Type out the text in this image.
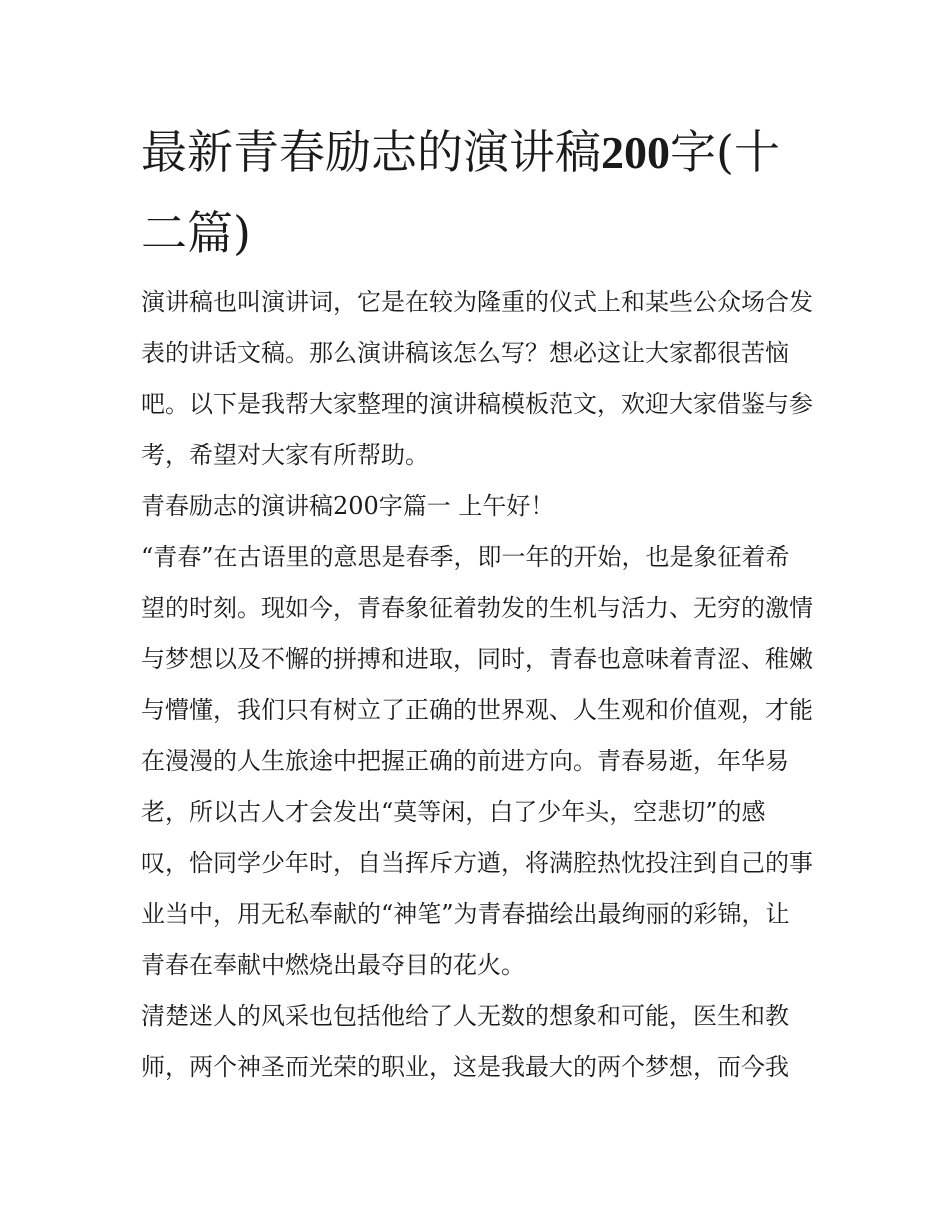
最新青春励志的演讲稿200字(十二篇)

演讲稿也叫演讲词，它是在较为隆重的仪式上和某些公众场合发表的讲话文稿。那么演讲稿该怎么写？想必这让大家都很苦恼吧。以下是我帮大家整理的演讲稿模板范文，欢迎大家借鉴与参考，希望对大家有所帮助。

青春励志的演讲稿200字篇一 上午好！

“青春”在古语里的意思是春季，即一年的开始，也是象征着希望的时刻。现如今，青春象征着勃发的生机与活力、无穷的激情与梦想以及不懈的拼搏和进取，同时，青春也意味着青涩、稚嫩与懵懂，我们只有树立了正确的世界观、人生观和价值观，才能在漫漫的人生旅途中把握正确的前进方向。青春易逝，年华易老，所以古人才会发出“莫等闲，白了少年头，空悲切”的感叹，恰同学少年时，自当挥斥方遒，将满腔热忱投注到自己的事业当中，用无私奉献的“神笔”为青春描绘出最绚丽的彩锦，让青春在奉献中燃烧出最夺目的花火。

清楚迷人的风采也包括他给了人无数的想象和可能，医生和教师，两个神圣而光荣的职业，这是我最大的两个梦想，而今我
